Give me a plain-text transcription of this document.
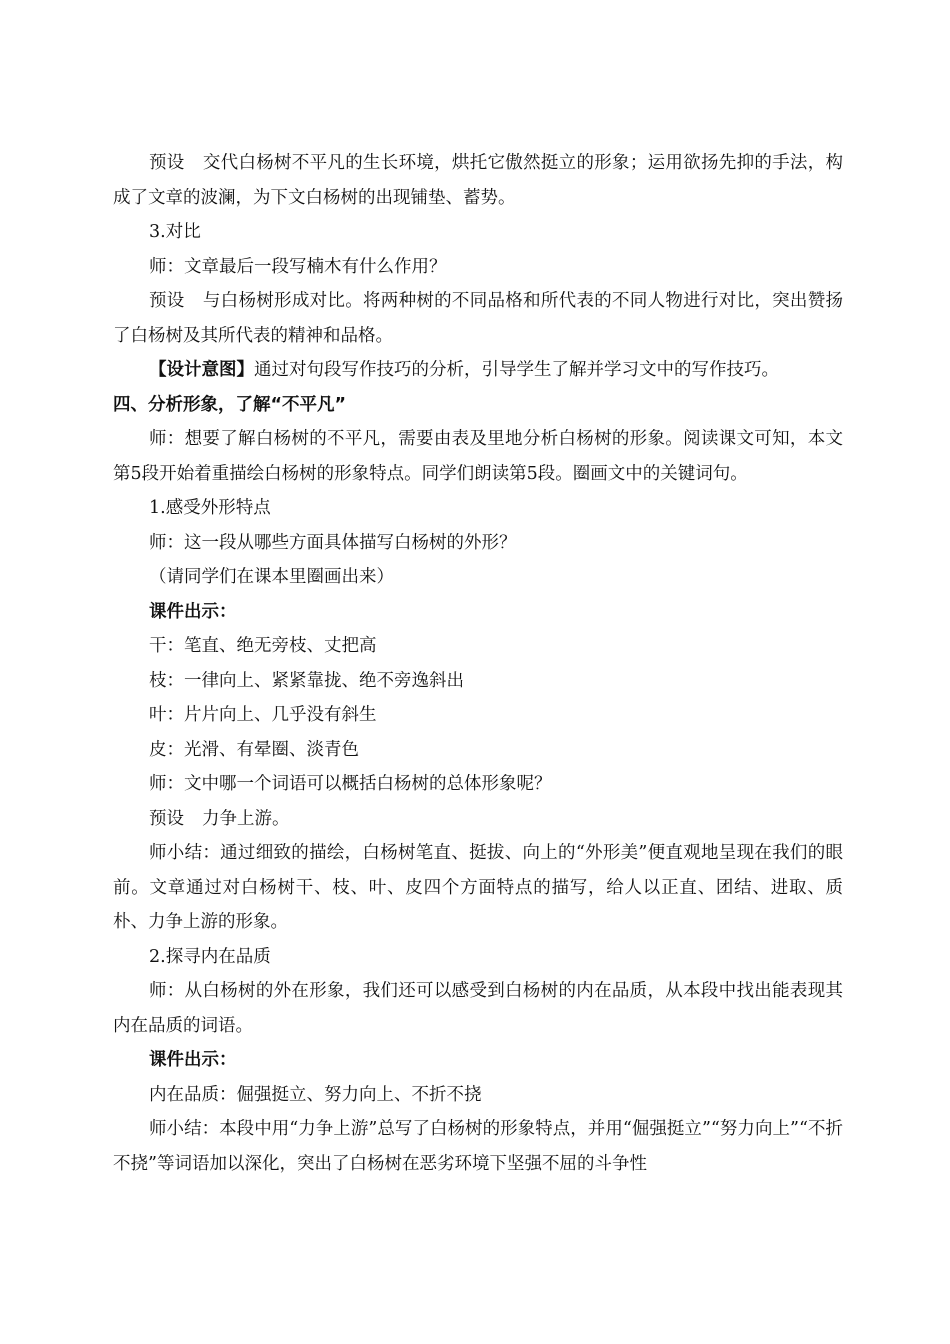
预设 交代白杨树不平凡的生长环境，烘托它傲然挺立的形象；运用欲扬先抑的手法，构成了文章的波澜，为下文白杨树的出现铺垫、蓄势。

3.对比

师：文章最后一段写楠木有什么作用？

预设 与白杨树形成对比。将两种树的不同品格和所代表的不同人物进行对比，突出赞扬了白杨树及其所代表的精神和品格。

【设计意图】通过对句段写作技巧的分析，引导学生了解并学习文中的写作技巧。

四、分析形象，了解“不平凡”

师：想要了解白杨树的不平凡，需要由表及里地分析白杨树的形象。阅读课文可知，本文第5段开始着重描绘白杨树的形象特点。同学们朗读第5段。圈画文中的关键词句。

1.感受外形特点

师：这一段从哪些方面具体描写白杨树的外形？

（请同学们在课本里圈画出来）

课件出示：

干：笔直、绝无旁枝、丈把高

枝：一律向上、紧紧靠拢、绝不旁逸斜出

叶：片片向上、几乎没有斜生

皮：光滑、有晕圈、淡青色

师：文中哪一个词语可以概括白杨树的总体形象呢？

预设 力争上游。

师小结：通过细致的描绘，白杨树笔直、挺拔、向上的“外形美”便直观地呈现在我们的眼前。文章通过对白杨树干、枝、叶、皮四个方面特点的描写，给人以正直、团结、进取、质朴、力争上游的形象。

2.探寻内在品质

师：从白杨树的外在形象，我们还可以感受到白杨树的内在品质，从本段中找出能表现其内在品质的词语。

课件出示：

内在品质：倔强挺立、努力向上、不折不挠

师小结：本段中用“力争上游”总写了白杨树的形象特点，并用“倔强挺立”“努力向上”“不折不挠”等词语加以深化，突出了白杨树在恶劣环境下坚强不屈的斗争性
